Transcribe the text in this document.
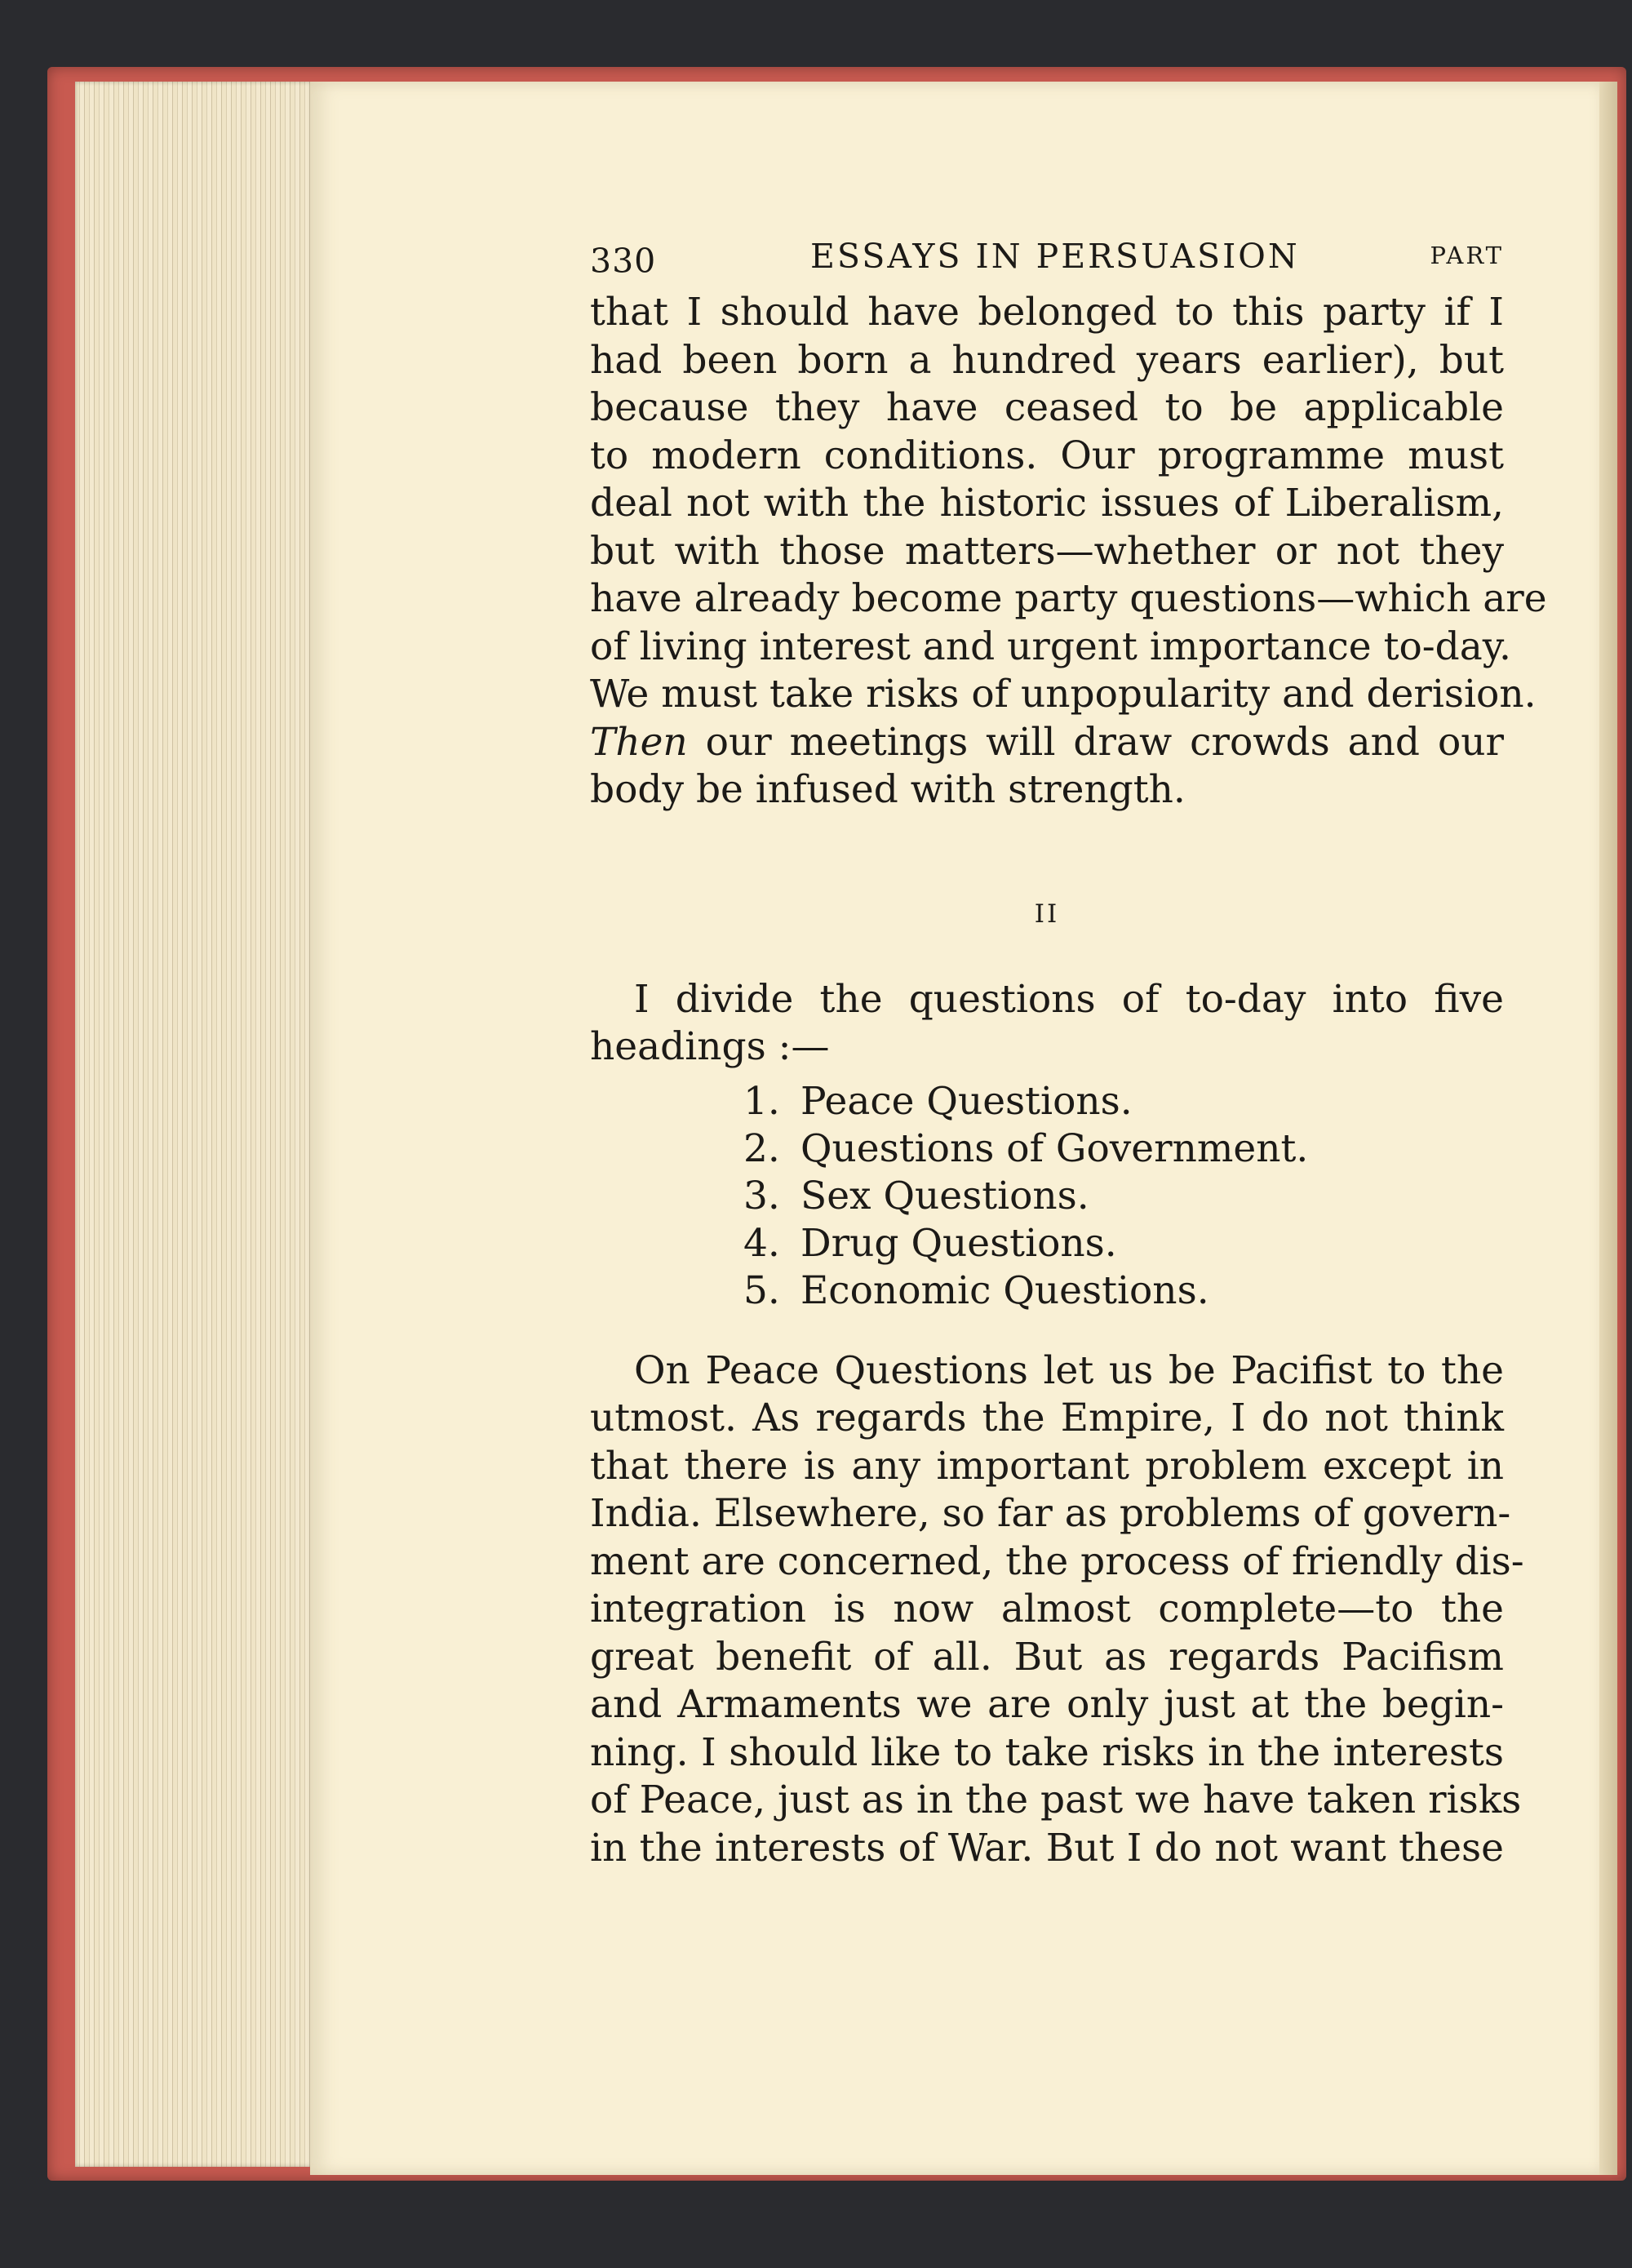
330	ESSAYS IN PERSUASION	PART
that I should have belonged to this party if I
had been born a hundred years earlier), but
because they have ceased to be applicable
to modern conditions. Our programme must
deal not with the historic issues of Liberalism,
but with those matters—whether or not they
have already become party questions—which are
of living interest and urgent importance to-day.
We must take risks of unpopularity and derision.
Then our meetings will draw crowds and our
body be infused with strength.
II
I divide the questions of to-day into five
headings :—
1. Peace Questions.
2. Questions of Government.
3. Sex Questions.
4. Drug Questions.
5. Economic Questions.
On Peace Questions let us be Pacifist to the
utmost. As regards the Empire, I do not think
that there is any important problem except in
India. Elsewhere, so far as problems of govern-
ment are concerned, the process of friendly dis-
integration is now almost complete—to the
great benefit of all. But as regards Pacifism
and Armaments we are only just at the begin-
ning. I should like to take risks in the interests
of Peace, just as in the past we have taken risks
in the interests of War. But I do not want these
